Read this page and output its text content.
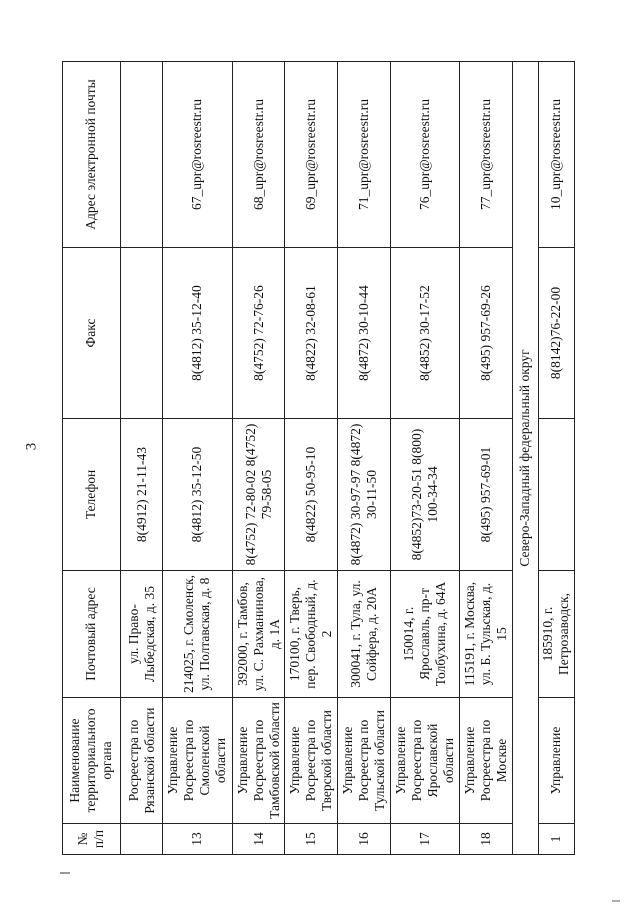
3
№ п/п	Наименование территориального органа	Почтовый адрес	Телефон	Факс	Адрес электронной почты
	Росреестра по Рязанской области	ул. Право-Лыбедская, д. 35	8(4912) 21-11-43		
13	Управление Росреестра по Смоленской области	214025, г. Смоленск, ул. Полтавская, д. 8	8(4812) 35-12-50	8(4812) 35-12-40	67_upr@rosreestr.ru
14	Управление Росреестра по Тамбовской области	392000, г. Тамбов, ул. С. Рахманинова, д. 1А	8(4752) 72-80-02 8(4752) 79-58-05	8(4752) 72-76-26	68_upr@rosreestr.ru
15	Управление Росреестра по Тверской области	170100, г. Тверь, пер. Свободный, д. 2	8(4822) 50-95-10	8(4822) 32-08-61	69_upr@rosreestr.ru
16	Управление Росреестра по Тульской области	300041, г. Тула, ул. Сойфера, д. 20А	8(4872) 30-97-97 8(4872) 30-11-50	8(4872) 30-10-44	71_upr@rosreestr.ru
17	Управление Росреестра по Ярославской области	150014, г. Ярославль, пр-т Толбухина, д. 64А	8(4852)73-20-51 8(800) 100-34-34	8(4852) 30-17-52	76_upr@rosreestr.ru
18	Управление Росреестра по Москве	115191, г. Москва, ул. Б. Тульская, д. 15	8(495) 957-69-01	8(495) 957-69-26	77_upr@rosreestr.ru
Северо-Западный федеральный округ					
1	Управление	185910, г. Петрозаводск,		8(8142)76-22-00	10_upr@rosreestr.ru
